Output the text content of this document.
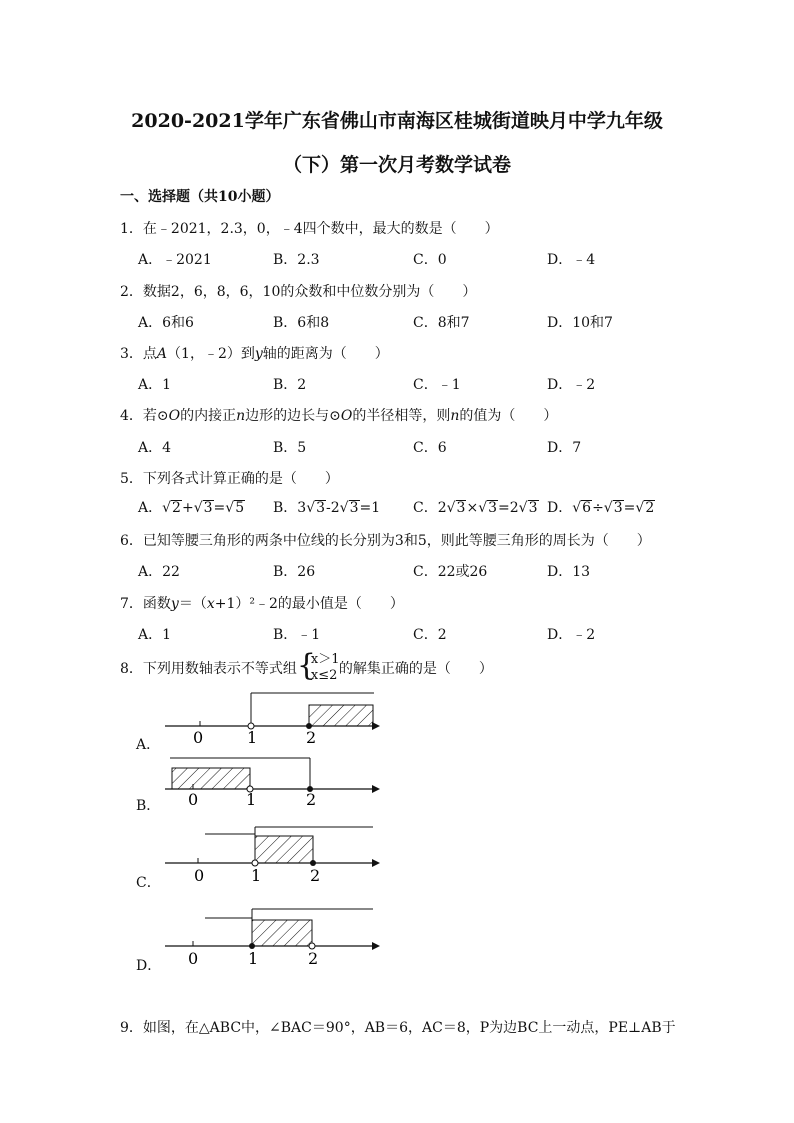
2020-2021学年广东省佛山市南海区桂城街道映月中学九年级
（下）第一次月考数学试卷
一、选择题（共10小题）
1．在﹣2021，2.3，0，﹣4四个数中，最大的数是（　　）
A．﹣2021	B．2.3	C．0	D．﹣4
2．数据2，6，8，6，10的众数和中位数分别为（　　）
A．6和6	B．6和8	C．8和7	D．10和7
3．点A（1，﹣2）到y轴的距离为（　　）
A．1	B．2	C．﹣1	D．﹣2
4．若⊙O的内接正n边形的边长与⊙O的半径相等，则n的值为（　　）
A．4	B．5	C．6	D．7
5．下列各式计算正确的是（　　）
A．√2+√3=√5 B．3√3-2√3=1 C．2√3×√3=2√3 D．√6÷√3=√2
6．已知等腰三角形的两条中位线的长分别为3和5，则此等腰三角形的周长为（　　）
A．22	B．26	C．22或26	D．13
7．函数y＝（x+1）²﹣2的最小值是（　　）
A．1	B．﹣1	C．2	D．﹣2
8．下列用数轴表示不等式组 {
x＞1
x≤2 的解集正确的是（　　）
A． 0	1	2
B． 0	1	2
C． 0	1	2
D． 0	1	2
9．如图，在△ABC中，∠BAC＝90°，AB＝6，AC＝8，P为边BC上一动点，PE⊥AB于
